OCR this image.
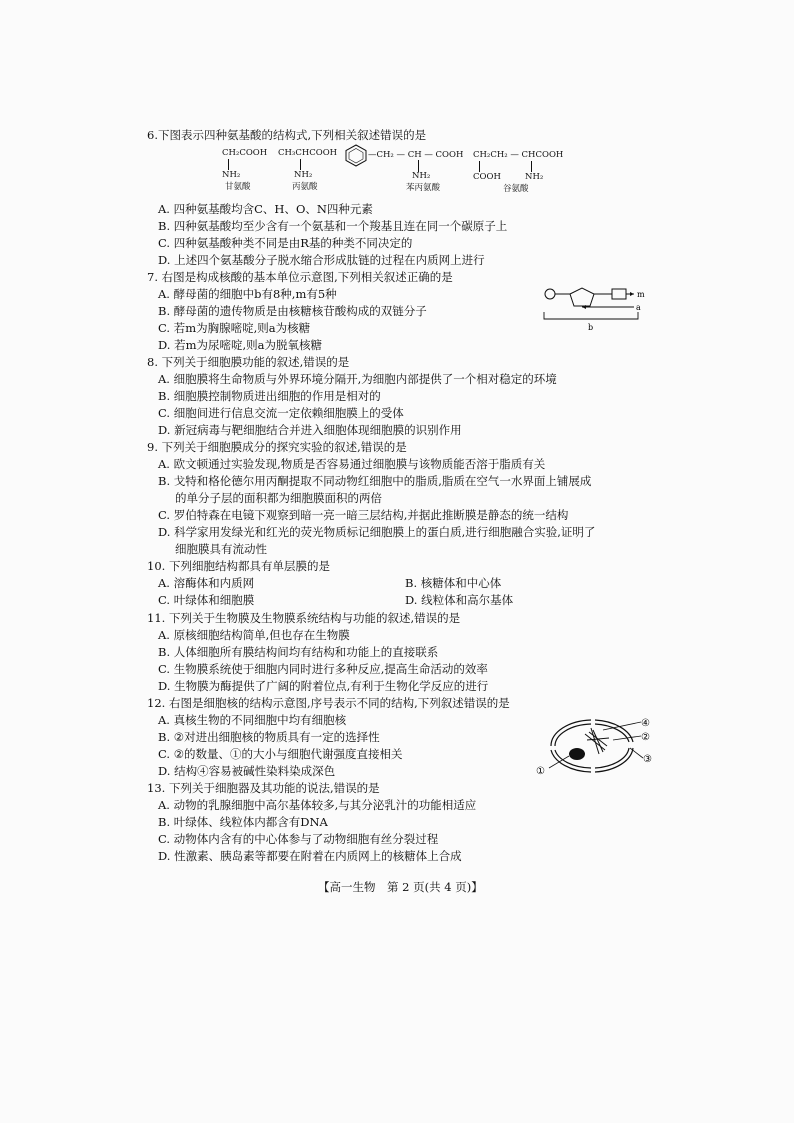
6.下图表示四种氨基酸的结构式,下列相关叙述错误的是
CH₂COOH
NH₂
甘氨酸
CH₃CHCOOH
NH₂
丙氨酸
—CH₂ — CH — COOH
NH₂
苯丙氨酸
CH₂CH₂ — CHCOOH
COOH	NH₂
谷氨酸
A. 四种氨基酸均含C、H、O、N四种元素
B. 四种氨基酸均至少含有一个氨基和一个羧基且连在同一个碳原子上
C. 四种氨基酸种类不同是由R基的种类不同决定的
D. 上述四个氨基酸分子脱水缩合形成肽链的过程在内质网上进行
7. 右图是构成核酸的基本单位示意图,下列相关叙述正确的是
A. 酵母菌的细胞中b有8种,m有5种
B. 酵母菌的遗传物质是由核糖核苷酸构成的双链分子
C. 若m为胸腺嘧啶,则a为核糖
D. 若m为尿嘧啶,则a为脱氧核糖
m
a
b
8. 下列关于细胞膜功能的叙述,错误的是
A. 细胞膜将生命物质与外界环境分隔开,为细胞内部提供了一个相对稳定的环境
B. 细胞膜控制物质进出细胞的作用是相对的
C. 细胞间进行信息交流一定依赖细胞膜上的受体
D. 新冠病毒与靶细胞结合并进入细胞体现细胞膜的识别作用
9. 下列关于细胞膜成分的探究实验的叙述,错误的是
A. 欧文顿通过实验发现,物质是否容易通过细胞膜与该物质能否溶于脂质有关
B. 戈特和格伦德尔用丙酮提取不同动物红细胞中的脂质,脂质在空气一水界面上铺展成
的单分子层的面积都为细胞膜面积的两倍
C. 罗伯特森在电镜下观察到暗一亮一暗三层结构,并据此推断膜是静态的统一结构
D. 科学家用发绿光和红光的荧光物质标记细胞膜上的蛋白质,进行细胞融合实验,证明了
细胞膜具有流动性
10. 下列细胞结构都具有单层膜的是
A. 溶酶体和内质网	B. 核糖体和中心体
C. 叶绿体和细胞膜	D. 线粒体和高尔基体
11. 下列关于生物膜及生物膜系统结构与功能的叙述,错误的是
A. 原核细胞结构简单,但也存在生物膜
B. 人体细胞所有膜结构间均有结构和功能上的直接联系
C. 生物膜系统使于细胞内同时进行多种反应,提高生命活动的效率
D. 生物膜为酶提供了广阔的附着位点,有利于生物化学反应的进行
12. 右图是细胞核的结构示意图,序号表示不同的结构,下列叙述错误的是
A. 真核生物的不同细胞中均有细胞核
B. ②对进出细胞核的物质具有一定的选择性
C. ②的数量、①的大小与细胞代谢强度直接相关
D. 结构④容易被碱性染料染成深色
④
②
③
①
13. 下列关于细胞器及其功能的说法,错误的是
A. 动物的乳腺细胞中高尔基体较多,与其分泌乳汁的功能相适应
B. 叶绿体、线粒体内都含有DNA
C. 动物体内含有的中心体参与了动物细胞有丝分裂过程
D. 性激素、胰岛素等都要在附着在内质网上的核糖体上合成
【高一生物　第 2 页(共 4 页)】
